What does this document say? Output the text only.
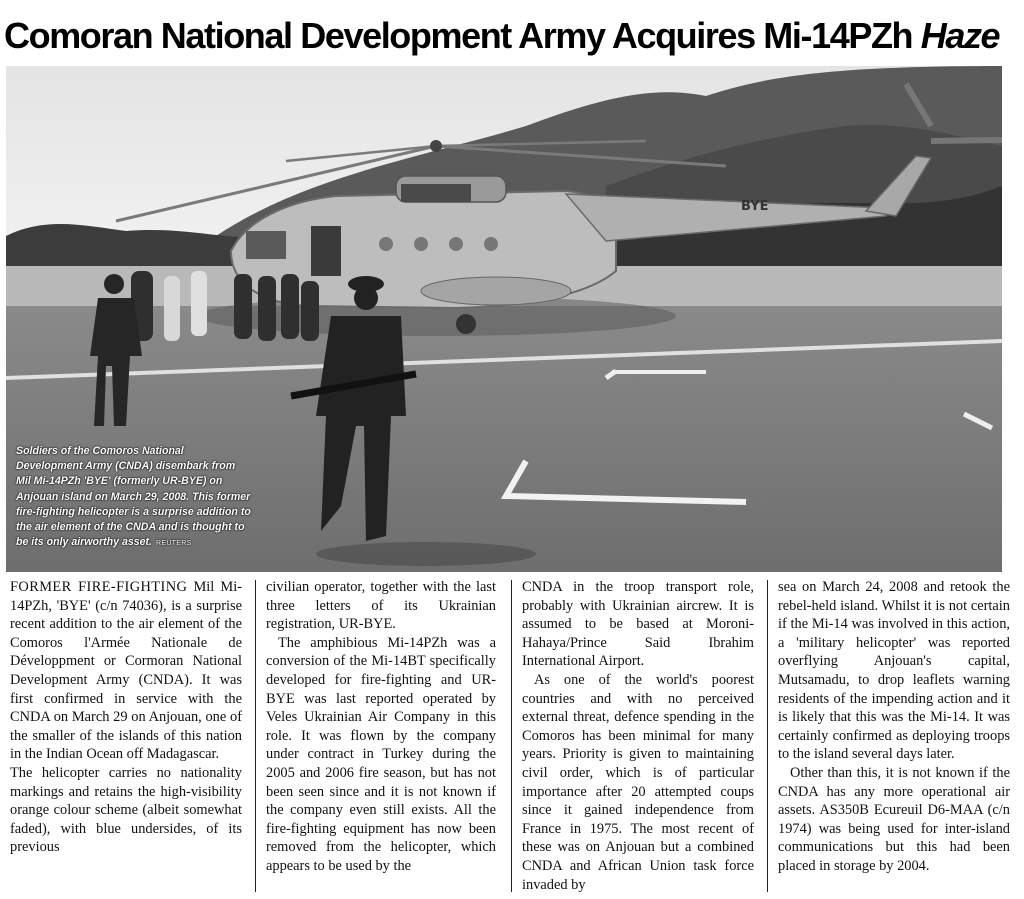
Comoran National Development Army Acquires Mi-14PZh Haze
BYE

Soldiers of the Comoros National Development Army (CNDA) disembark from Mil Mi-14PZh 'BYE' (formerly UR-BYE) on Anjouan island on March 29, 2008. This former fire-fighting helicopter is a surprise addition to the air element of the CNDA and is thought to be its only airworthy asset. REUTERS

FORMER FIRE-FIGHTING Mil Mi-14PZh, 'BYE' (c/n 74036), is a surprise recent addition to the air element of the Comoros l'Armée Nationale de Développment or Cormoran National Development Army (CNDA). It was first confirmed in service with the CNDA on March 29 on Anjouan, one of the smaller of the islands of this nation in the Indian Ocean off Madagascar.

The helicopter carries no nationality markings and retains the high-visibility orange colour scheme (albeit somewhat faded), with blue undersides, of its previous

civilian operator, together with the last three letters of its Ukrainian registration, UR-BYE.

The amphibious Mi-14PZh was a conversion of the Mi-14BT specifically developed for fire-fighting and UR-BYE was last reported operated by Veles Ukrainian Air Company in this role. It was flown by the company under contract in Turkey during the 2005 and 2006 fire season, but has not been seen since and it is not known if the company even still exists. All the fire-fighting equipment has now been removed from the helicopter, which appears to be used by the

CNDA in the troop transport role, probably with Ukrainian aircrew. It is assumed to be based at Moroni-Hahaya/Prince Said Ibrahim International Airport.

As one of the world's poorest countries and with no perceived external threat, defence spending in the Comoros has been minimal for many years. Priority is given to maintaining civil order, which is of particular importance after 20 attempted coups since it gained independence from France in 1975. The most recent of these was on Anjouan but a combined CNDA and African Union task force invaded by

sea on March 24, 2008 and retook the rebel-held island. Whilst it is not certain if the Mi-14 was involved in this action, a 'military helicopter' was reported overflying Anjouan's capital, Mutsamadu, to drop leaflets warning residents of the impending action and it is likely that this was the Mi-14. It was certainly confirmed as deploying troops to the island several days later.

Other than this, it is not known if the CNDA has any more operational air assets. AS350B Ecureuil D6-MAA (c/n 1974) was being used for inter-island communications but this had been placed in storage by 2004.
